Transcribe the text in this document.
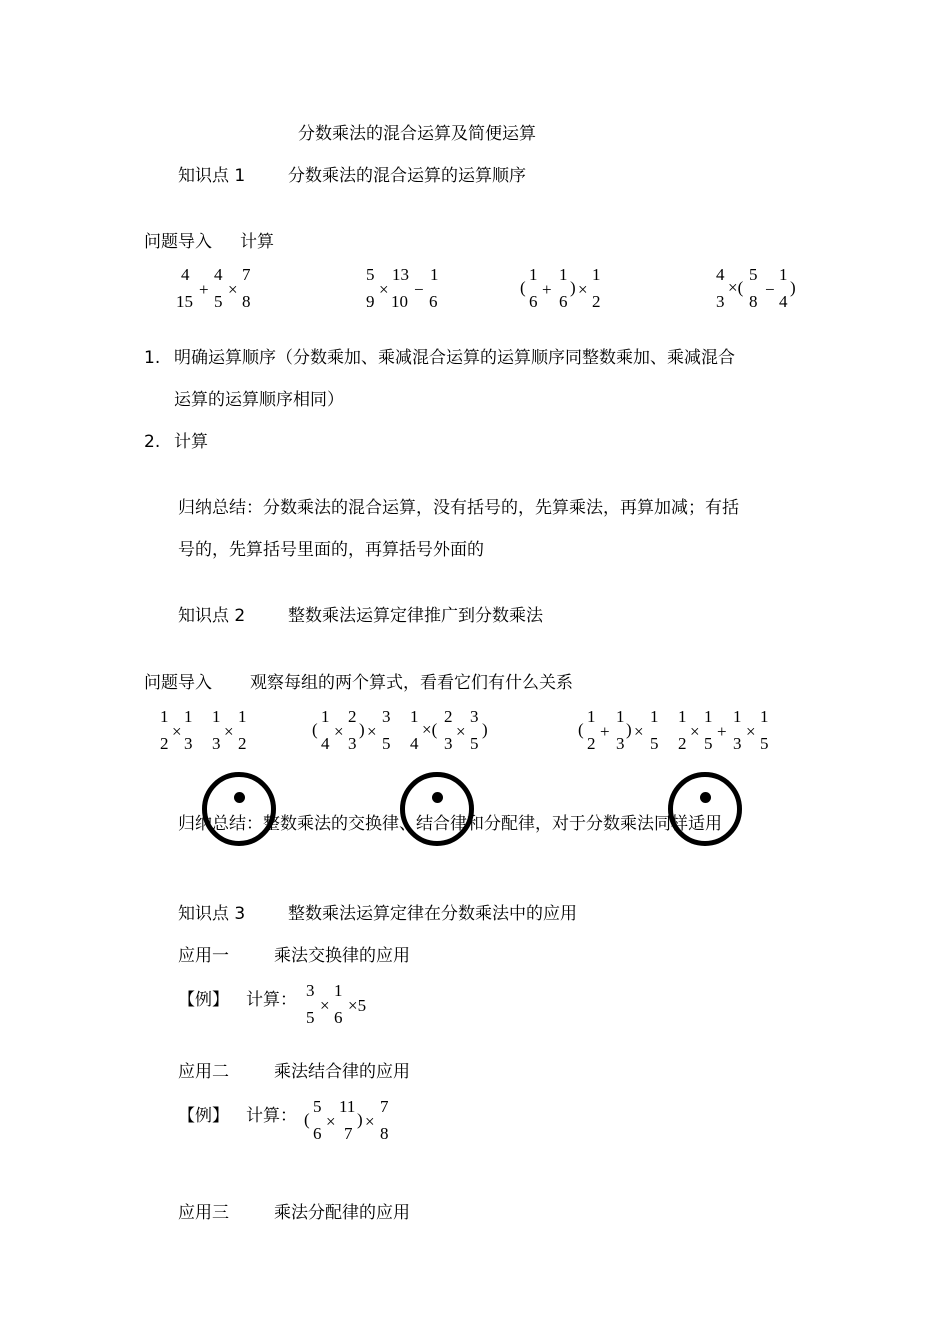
分数乘法的混合运算及简便运算
知识点 1	分数乘法的混合运算的运算顺序
问题导入 计算
4
15
+
4
5
×
7
8
5
9
×
13
10
−
1
6
(
1
6
+
1
6
) ×
1
2
4
3
×(
5
8
−
1
4
)
1. 明确运算顺序（分数乘加、乘减混合运算的运算顺序同整数乘加、乘减混合
运算的运算顺序相同）
2. 计算
归纳总结：分数乘法的混合运算，没有括号的，先算乘法，再算加减；有括
号的，先算括号里面的，再算括号外面的
知识点 2	整数乘法运算定律推广到分数乘法
问题导入 观察每组的两个算式，看看它们有什么关系
1
2
×
1
3
1
3
×
1
2
(
1
4
×
2
3
) ×
3
5
1
4
×(
2
3
×
3
5
)	(
1
2
+
1
3
) ×
1
5
1
2
×
1
5
+
1
3
×
1
5
归纳总结：整数乘法的交换律、结合律和分配律，对于分数乘法同样适用
知识点 3	整数乘法运算定律在分数乘法中的应用
应用一	乘法交换律的应用
【例】 计算： 3
5
×
1
6
×5
应用二	乘法结合律的应用
【例】 计算： (
5
6
×
11
7
) ×
7
8
应用三	乘法分配律的应用
